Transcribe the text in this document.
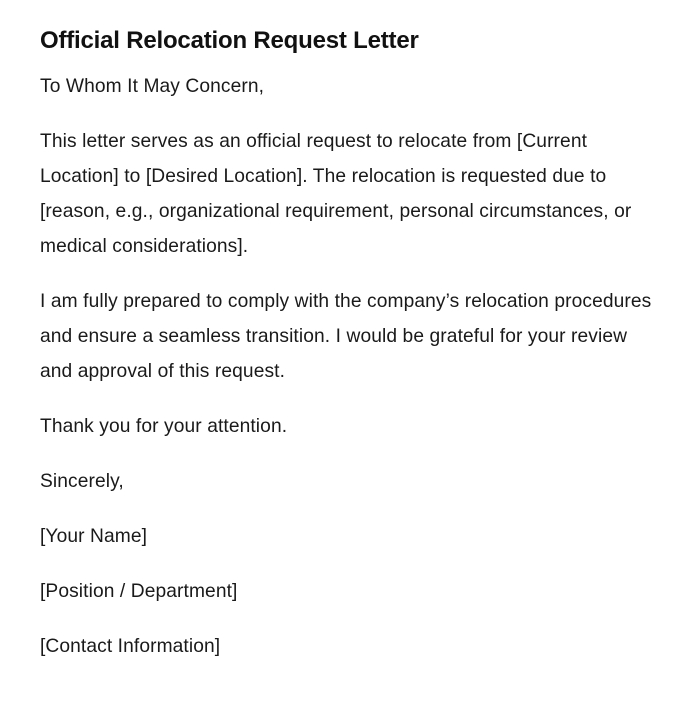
Official Relocation Request Letter

To Whom It May Concern,

This letter serves as an official request to relocate from [Current Location] to [Desired Location]. The relocation is requested due to [reason, e.g., organizational requirement, personal circumstances, or medical considerations].

I am fully prepared to comply with the company’s relocation procedures and ensure a seamless transition. I would be grateful for your review and approval of this request.

Thank you for your attention.

Sincerely,

[Your Name]

[Position / Department]

[Contact Information]
